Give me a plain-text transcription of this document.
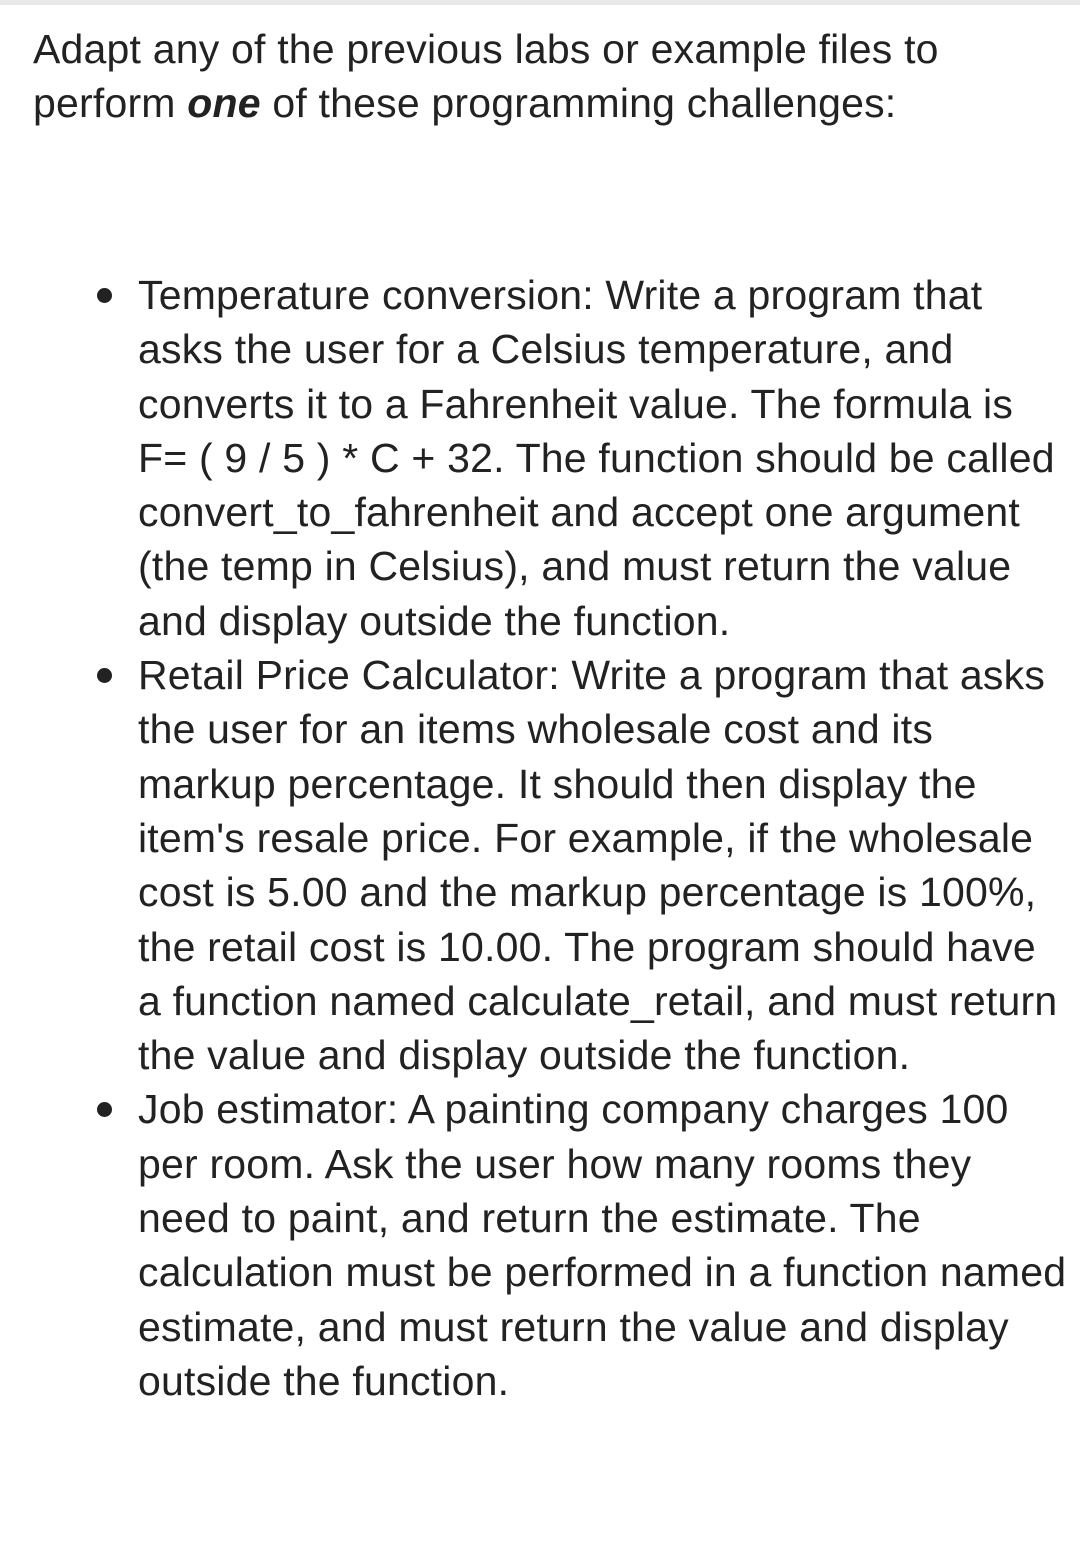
Adapt any of the previous labs or example files to perform one of these programming challenges:

Temperature conversion: Write a program that asks the user for a Celsius temperature, and converts it to a Fahrenheit value. The formula is F= ( 9 / 5 ) * C + 32. The function should be called convert_to_fahrenheit and accept one argument (the temp in Celsius), and must return the value and display outside the function.
Retail Price Calculator: Write a program that asks the user for an items wholesale cost and its markup percentage. It should then display the item's resale price. For example, if the wholesale cost is 5.00 and the markup percentage is 100%, the retail cost is 10.00. The program should have a function named calculate_retail, and must return the value and display outside the function.
Job estimator: A painting company charges 100 per room. Ask the user how many rooms they need to paint, and return the estimate. The calculation must be performed in a function named estimate, and must return the value and display outside the function.
